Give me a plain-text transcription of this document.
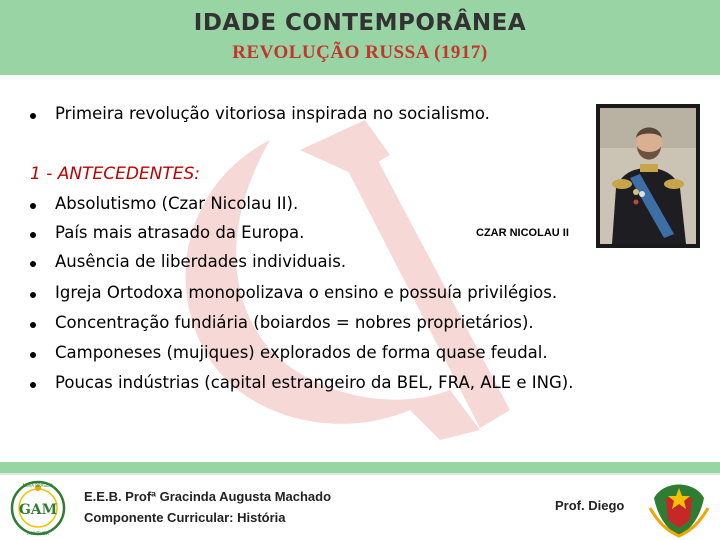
IDADE CONTEMPORÂNEA
REVOLUÇÃO RUSSA (1917)
Primeira revolução vitoriosa inspirada no socialismo.
1 - ANTECEDENTES:
Absolutismo (Czar Nicolau II).
País mais atrasado da Europa.
Ausência de liberdades individuais.
Igreja Ortodoxa monopolizava o ensino e possuía privilégios.
Concentração fundiária (boiardos = nobres proprietários).
Camponeses (mujiques) explorados de forma quase feudal.
Poucas indústrias (capital estrangeiro da BEL, FRA, ALE e ING).
CZAR NICOLAU II
NOVA BRASILIA
GAM
IMBITUBA
E.E.B. Profª Gracinda Augusta Machado
Componente Curricular: História
Prof. Diego
